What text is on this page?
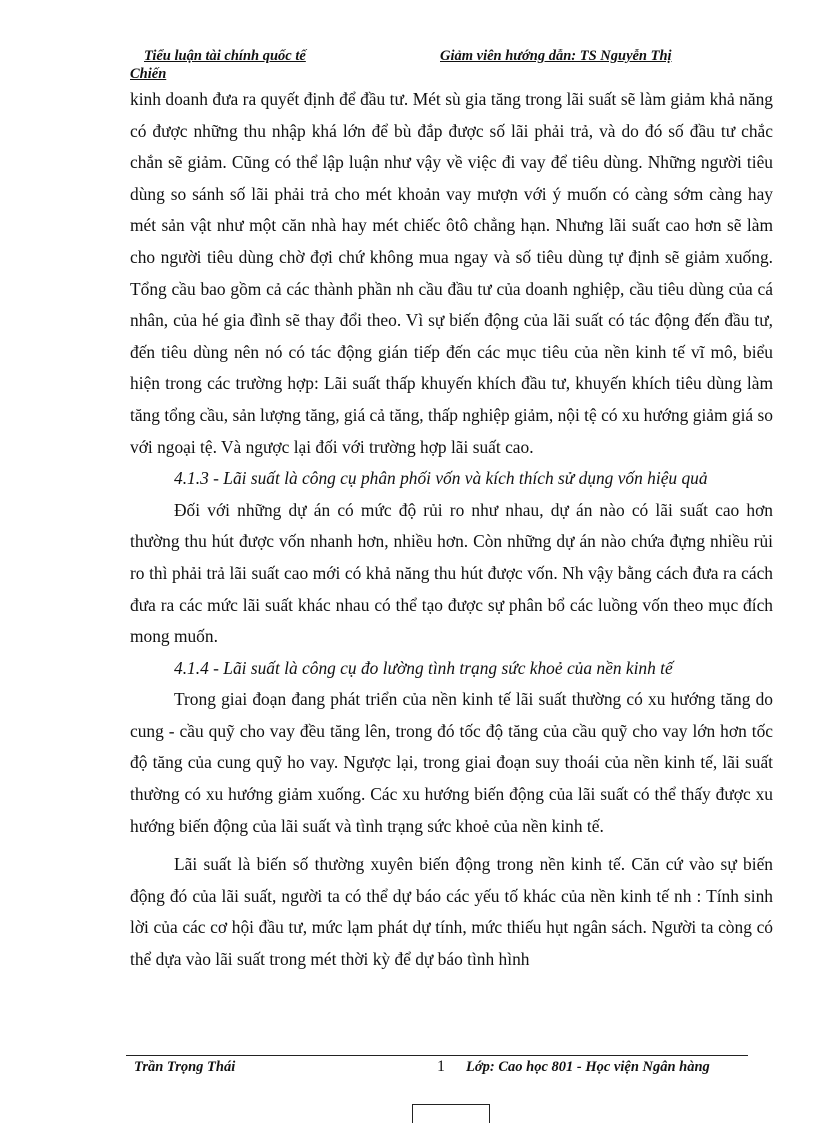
Tiểu luận tài chính quốc tế	Giảm viên hướng dẫn: TS Nguyễn Thị
Chiến

kinh doanh đưa ra quyết định để đầu tư. Mét sù gia tăng trong lãi suất sẽ làm giảm khả năng có được những thu nhập khá lớn để bù đắp được số lãi phải trả, và do đó số đầu tư chắc chắn sẽ giảm. Cũng có thể lập luận như vậy về việc đi vay để tiêu dùng. Những người tiêu dùng so sánh số lãi phải trả cho mét khoản vay mượn với ý muốn có càng sớm càng hay mét sản vật như một căn nhà hay mét chiếc ôtô chẳng hạn. Nhưng lãi suất cao hơn sẽ làm cho người tiêu dùng chờ đợi chứ không mua ngay và số tiêu dùng tự định sẽ giảm xuống. Tổng cầu bao gồm cả các thành phần nh cầu đầu tư của doanh nghiệp, cầu tiêu dùng của cá nhân, của hé gia đình sẽ thay đổi theo. Vì sự biến động của lãi suất có tác động đến đầu tư, đến tiêu dùng nên nó có tác động gián tiếp đến các mục tiêu của nền kinh tế vĩ mô, biểu hiện trong các trường hợp: Lãi suất thấp khuyến khích đầu tư, khuyến khích tiêu dùng làm tăng tổng cầu, sản lượng tăng, giá cả tăng, thấp nghiệp giảm, nội tệ có xu hướng giảm giá so với ngoại tệ. Và ngược lại đối với trường hợp lãi suất cao.

4.1.3 - Lãi suất là công cụ phân phối vốn và kích thích sử dụng vốn hiệu quả

Đối với những dự án có mức độ rủi ro như nhau, dự án nào có lãi suất cao hơn thường thu hút được vốn nhanh hơn, nhiều hơn. Còn những dự án nào chứa đựng nhiều rủi ro thì phải trả lãi suất cao mới có khả năng thu hút được vốn. Nh vậy bằng cách đưa ra cách đưa ra các mức lãi suất khác nhau có thể tạo được sự phân bổ các luồng vốn theo mục đích mong muốn.

4.1.4 - Lãi suất là công cụ đo lường tình trạng sức khoẻ của nền kinh tế

Trong giai đoạn đang phát triển của nền kinh tế lãi suất thường có xu hướng tăng do cung - cầu quỹ cho vay đều tăng lên, trong đó tốc độ tăng của cầu quỹ cho vay lớn hơn tốc độ tăng của cung quỹ ho vay. Ngược lại, trong giai đoạn suy thoái của nền kinh tế, lãi suất thường có xu hướng giảm xuống. Các xu hướng biến động của lãi suất có thể thấy được xu hướng biến động của lãi suất và tình trạng sức khoẻ của nền kinh tế.

Lãi suất là biến số thường xuyên biến động trong nền kinh tế. Căn cứ vào sự biến động đó của lãi suất, người ta có thể dự báo các yếu tố khác của nền kinh tế nh : Tính sinh lời của các cơ hội đầu tư, mức lạm phát dự tính, mức thiếu hụt ngân sách. Người ta còng có thể dựa vào lãi suất trong mét thời kỳ để dự báo tình hình

Trần Trọng Thái	1 Lớp: Cao học 801 - Học viện Ngân hàng
